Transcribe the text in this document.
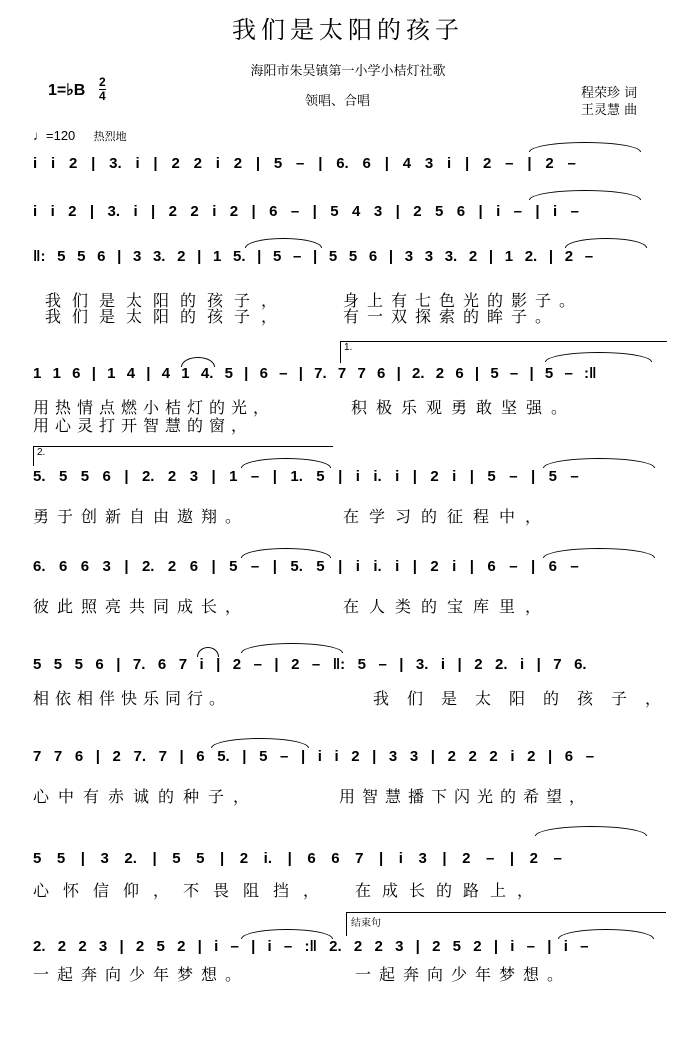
我们是太阳的孩子
海阳市朱吴镇第一小学小桔灯社歌
1=♭B 2
4	领唱、合唱
程荣珍 词
王灵慧 曲
♩=120 热烈地
i i 2 | 3. i | 2 2 i 2 | 5 – | 6. 6 | 4 3 i | 2 – | 2 –
i i 2 | 3. i | 2 2 i 2 | 6 – | 5 4 3 | 2 5 6 | i – | i –
‖: 5 5 6 | 3 3. 2 | 1 5. | 5 – | 5 5 6 | 3 3 3. 2 | 1 2. | 2 –
我们是太阳的孩子，	身上有七色光的影子。
我们是太阳的孩子，	有一双探索的眸子。
1.
1 1 6 | 1 4 | 4 1 4. 5 | 6 – | 7. 7 7 6 | 2. 2 6 | 5 – | 5 – :‖
用热情点燃小桔灯的光，	积极乐观勇敢坚强。
用心灵打开智慧的窗，
2.
5. 5 5 6 | 2. 2 3 | 1 – | 1. 5 | i i. i | 2 i | 5 – | 5 –
勇于创新自由遨翔。	在学习的征程中，
6. 6 6 3 | 2. 2 6 | 5 – | 5. 5 | i i. i | 2 i | 6 – | 6 –
彼此照亮共同成长，	在人类的宝库里，
5 5 5 6 | 7. 6 7 i | 2 – | 2 – ‖: 5 – | 3. i | 2 2. i | 7 6.
相依相伴快乐同行。	我们是太阳的孩子，
7 7 6 | 2 7. 7 | 6 5. | 5 – | i i 2 | 3 3 | 2 2 2 i 2 | 6 –
心中有赤诚的种子，	用智慧播下闪光的希望，
5 5 | 3 2. | 5 5 | 2 i. | 6 6 7 | i 3 | 2 – | 2 –
心怀信仰，不畏阻挡， 在成长的路上，
结束句
2. 2 2 3 | 2 5 2 | i – | i – :‖ 2. 2 2 3 | 2 5 2 | i – | i –
一起奔向少年梦想。	一起奔向少年梦想。
